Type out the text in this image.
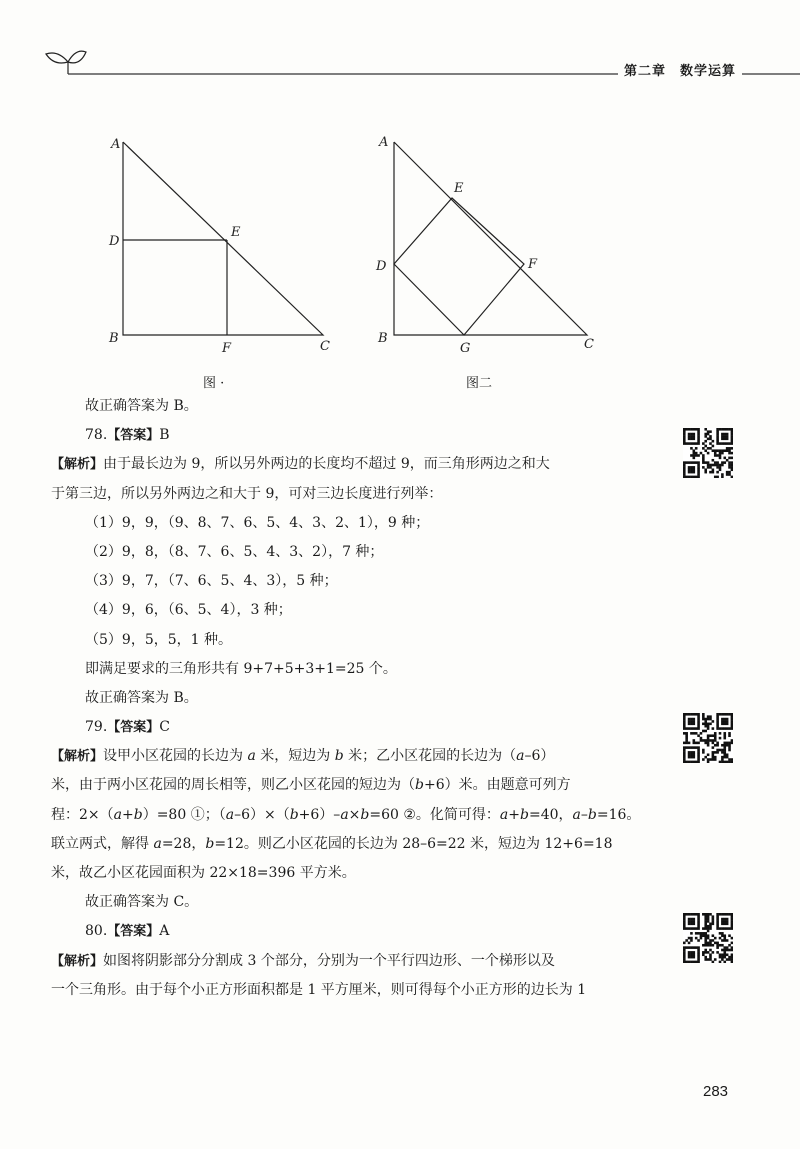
第二章 数学运算
A
D
E
B
F	C
图 ·
A
E
D	F
B
G	C
图二
故正确答案为 B。
78.【答案】B
【解析】由于最长边为 9，所以另外两边的长度均不超过 9，而三角形两边之和大
于第三边，所以另外两边之和大于 9，可对三边长度进行列举：
（1）9，9，（9、8、7、6、5、4、3、2、1），9 种；
（2）9，8，（8、7、6、5、4、3、2），7 种；
（3）9，7，（7、6、5、4、3），5 种；
（4）9，6，（6、5、4），3 种；
（5）9，5，5，1 种。
即满足要求的三角形共有 9+7+5+3+1=25 个。
故正确答案为 B。
79.【答案】C
【解析】设甲小区花园的长边为 a 米，短边为 b 米；乙小区花园的长边为（a–6）
米，由于两小区花园的周长相等，则乙小区花园的短边为（b+6）米。由题意可列方
程：2×（a+b）=80 ①；（a–6）×（b+6）–a×b=60 ②。化简可得：a+b=40，a–b=16。
联立两式，解得 a=28，b=12。则乙小区花园的长边为 28–6=22 米，短边为 12+6=18
米，故乙小区花园面积为 22×18=396 平方米。
故正确答案为 C。
80.【答案】A
【解析】如图将阴影部分分割成 3 个部分，分别为一个平行四边形、一个梯形以及
一个三角形。由于每个小正方形面积都是 1 平方厘米，则可得每个小正方形的边长为 1
283
